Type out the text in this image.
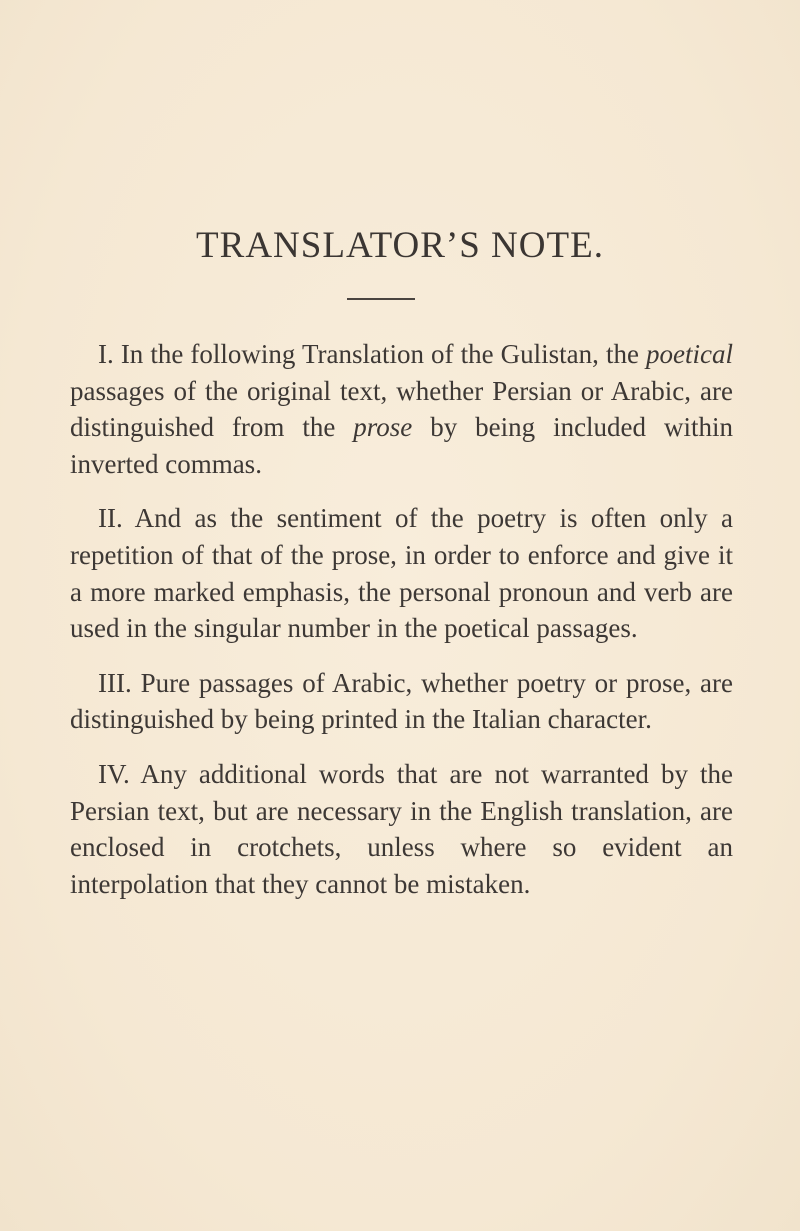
TRANSLATOR’S NOTE.

I. In the following Translation of the Gulistan, the poetical passages of the original text, whether Persian or Arabic, are distinguished from the prose by being included within inverted commas.

II. And as the sentiment of the poetry is often only a repetition of that of the prose, in order to enforce and give it a more marked emphasis, the personal pronoun and verb are used in the singular number in the poetical passages.

III. Pure passages of Arabic, whether poetry or prose, are distinguished by being printed in the Italian character.

IV. Any additional words that are not warranted by the Persian text, but are necessary in the English translation, are enclosed in crotchets, unless where so evident an interpolation that they cannot be mistaken.
